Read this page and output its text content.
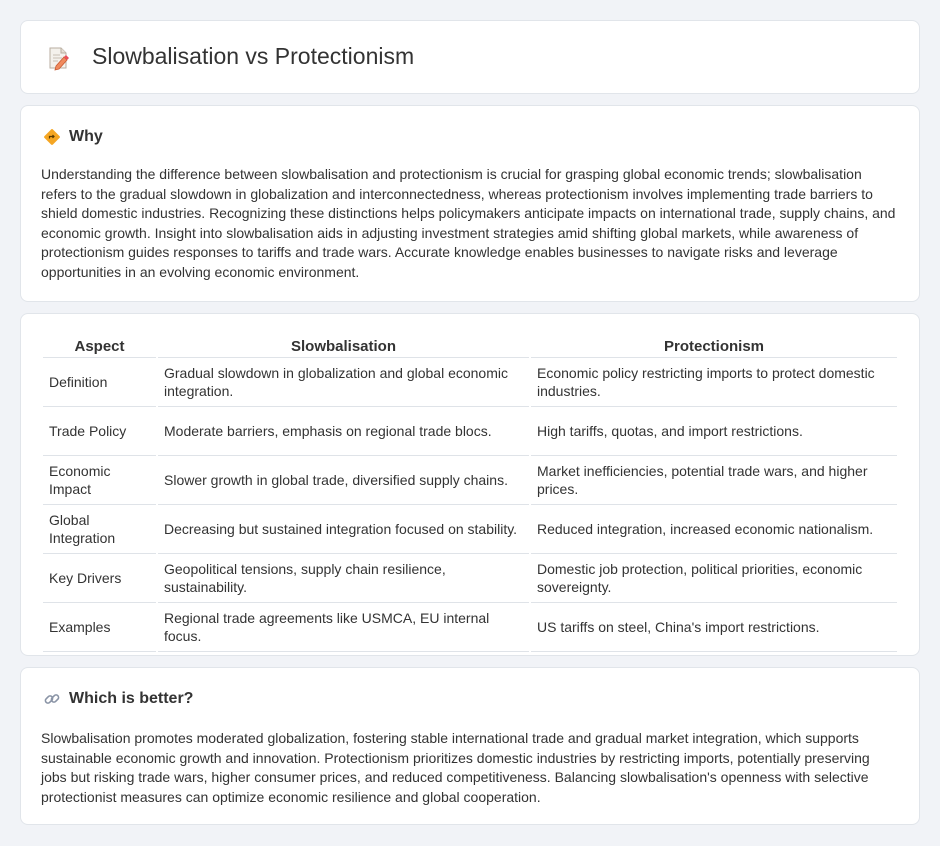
Slowbalisation vs Protectionism
Why

Understanding the difference between slowbalisation and protectionism is crucial for grasping global economic trends; slowbalisation refers to the gradual slowdown in globalization and interconnectedness, whereas protectionism involves implementing trade barriers to shield domestic industries. Recognizing these distinctions helps policymakers anticipate impacts on international trade, supply chains, and economic growth. Insight into slowbalisation aids in adjusting investment strategies amid shifting global markets, while awareness of protectionism guides responses to tariffs and trade wars. Accurate knowledge enables businesses to navigate risks and leverage opportunities in an evolving economic environment.

Aspect	Slowbalisation	Protectionism
Definition	Gradual slowdown in globalization and global economic integration.	Economic policy restricting imports to protect domestic industries.
Trade Policy	Moderate barriers, emphasis on regional trade blocs.	High tariffs, quotas, and import restrictions.
Economic Impact	Slower growth in global trade, diversified supply chains.	Market inefficiencies, potential trade wars, and higher prices.
Global Integration	Decreasing but sustained integration focused on stability.	Reduced integration, increased economic nationalism.
Key Drivers	Geopolitical tensions, supply chain resilience, sustainability.	Domestic job protection, political priorities, economic sovereignty.
Examples	Regional trade agreements like USMCA, EU internal focus.	US tariffs on steel, China's import restrictions.
Which is better?

Slowbalisation promotes moderated globalization, fostering stable international trade and gradual market integration, which supports sustainable economic growth and innovation. Protectionism prioritizes domestic industries by restricting imports, potentially preserving jobs but risking trade wars, higher consumer prices, and reduced competitiveness. Balancing slowbalisation's openness with selective protectionist measures can optimize economic resilience and global cooperation.
